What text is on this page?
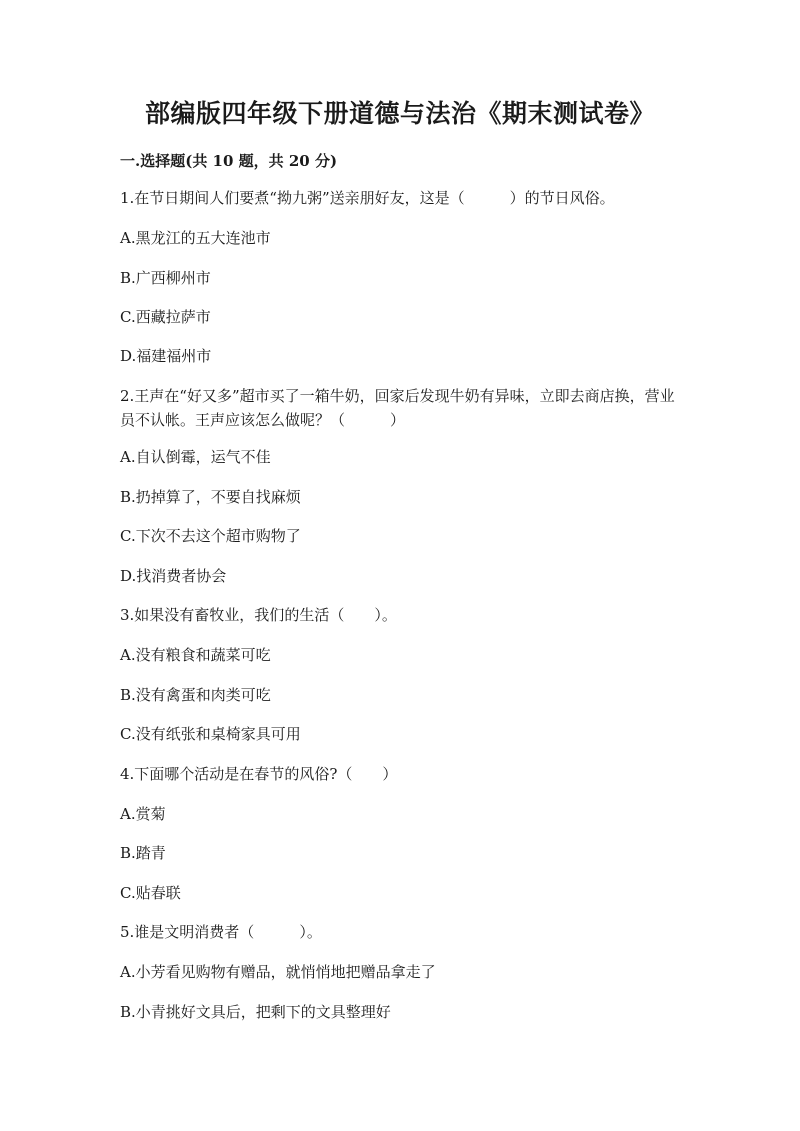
部编版四年级下册道德与法治《期末测试卷》
一.选择题(共 10 题，共 20 分)
1.在节日期间人们要煮“拗九粥”送亲朋好友，这是（　　　）的节日风俗。
A.黑龙江的五大连池市
B.广西柳州市
C.西藏拉萨市
D.福建福州市
2.王声在“好又多”超市买了一箱牛奶，回家后发现牛奶有异味，立即去商店换，营业员不认帐。王声应该怎么做呢？（　　　）
A.自认倒霉，运气不佳
B.扔掉算了，不要自找麻烦
C.下次不去这个超市购物了
D.找消费者协会
3.如果没有畜牧业，我们的生活（　　）。
A.没有粮食和蔬菜可吃
B.没有禽蛋和肉类可吃
C.没有纸张和桌椅家具可用
4.下面哪个活动是在春节的风俗?（　　）
A.赏菊
B.踏青
C.贴春联
5.谁是文明消费者（　　　）。
A.小芳看见购物有赠品，就悄悄地把赠品拿走了
B.小青挑好文具后，把剩下的文具整理好
